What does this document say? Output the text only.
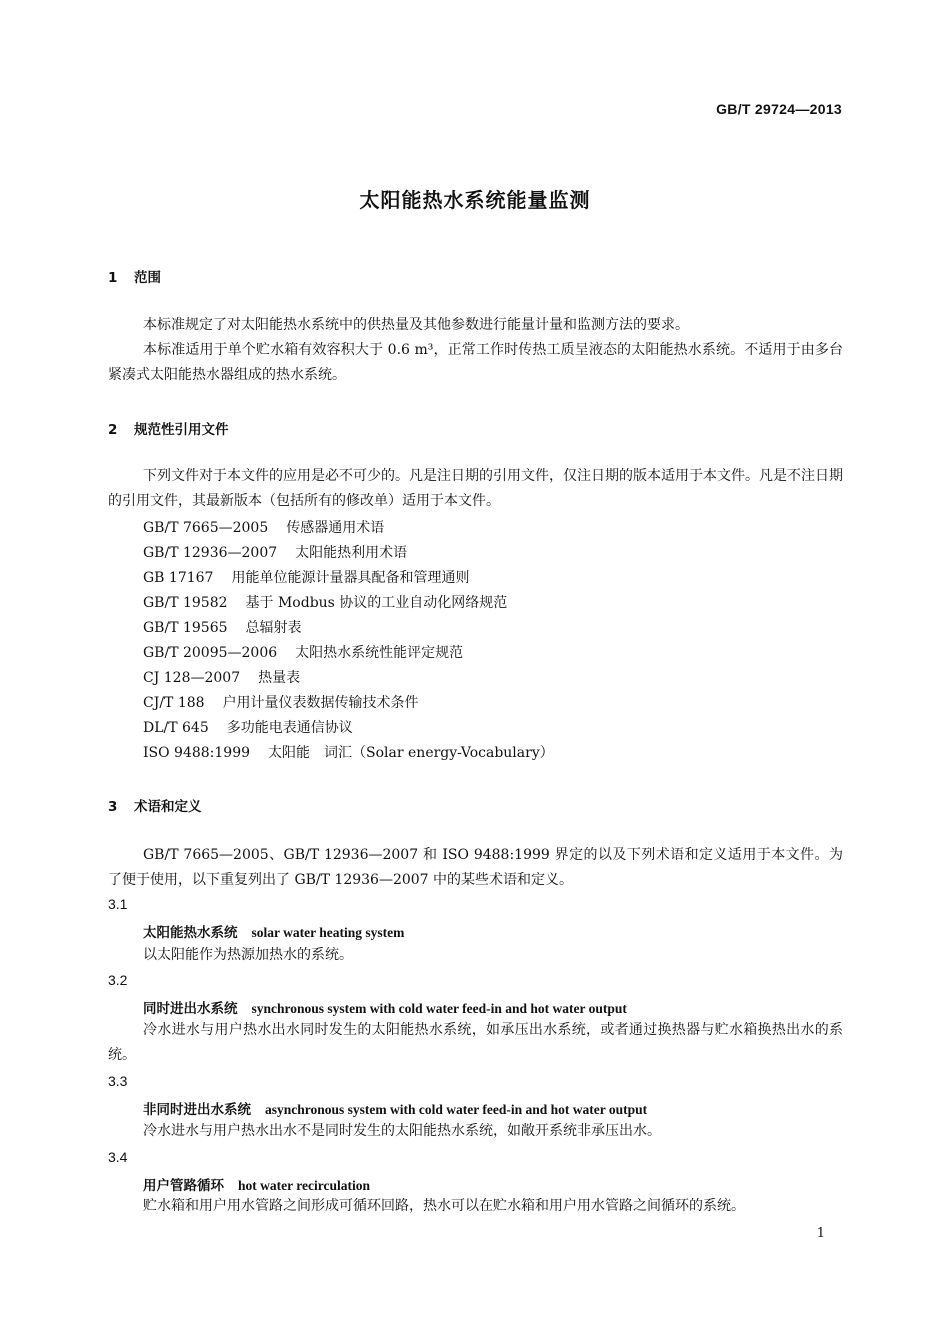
GB/T 29724—2013
太阳能热水系统能量监测
1 范围
本标准规定了对太阳能热水系统中的供热量及其他参数进行能量计量和监测方法的要求。
本标准适用于单个贮水箱有效容积大于 0.6 m³，正常工作时传热工质呈液态的太阳能热水系统。不适用于由多台紧凑式太阳能热水器组成的热水系统。
2 规范性引用文件
下列文件对于本文件的应用是必不可少的。凡是注日期的引用文件，仅注日期的版本适用于本文件。凡是不注日期的引用文件，其最新版本（包括所有的修改单）适用于本文件。
GB/T 7665—2005 传感器通用术语
GB/T 12936—2007 太阳能热利用术语
GB 17167 用能单位能源计量器具配备和管理通则
GB/T 19582 基于 Modbus 协议的工业自动化网络规范
GB/T 19565 总辐射表
GB/T 20095—2006 太阳热水系统性能评定规范
CJ 128—2007 热量表
CJ/T 188 户用计量仪表数据传输技术条件
DL/T 645 多功能电表通信协议
ISO 9488:1999 太阳能　词汇（Solar energy-Vocabulary）
3 术语和定义
GB/T 7665—2005、GB/T 12936—2007 和 ISO 9488:1999 界定的以及下列术语和定义适用于本文件。为了便于使用，以下重复列出了 GB/T 12936—2007 中的某些术语和定义。
3.1
太阳能热水系统 solar water heating system
以太阳能作为热源加热水的系统。
3.2
同时进出水系统 synchronous system with cold water feed-in and hot water output
冷水进水与用户热水出水同时发生的太阳能热水系统，如承压出水系统，或者通过换热器与贮水箱换热出水的系统。
3.3
非同时进出水系统 asynchronous system with cold water feed-in and hot water output
冷水进水与用户热水出水不是同时发生的太阳能热水系统，如敞开系统非承压出水。
3.4
用户管路循环 hot water recirculation
贮水箱和用户用水管路之间形成可循环回路，热水可以在贮水箱和用户用水管路之间循环的系统。
1
